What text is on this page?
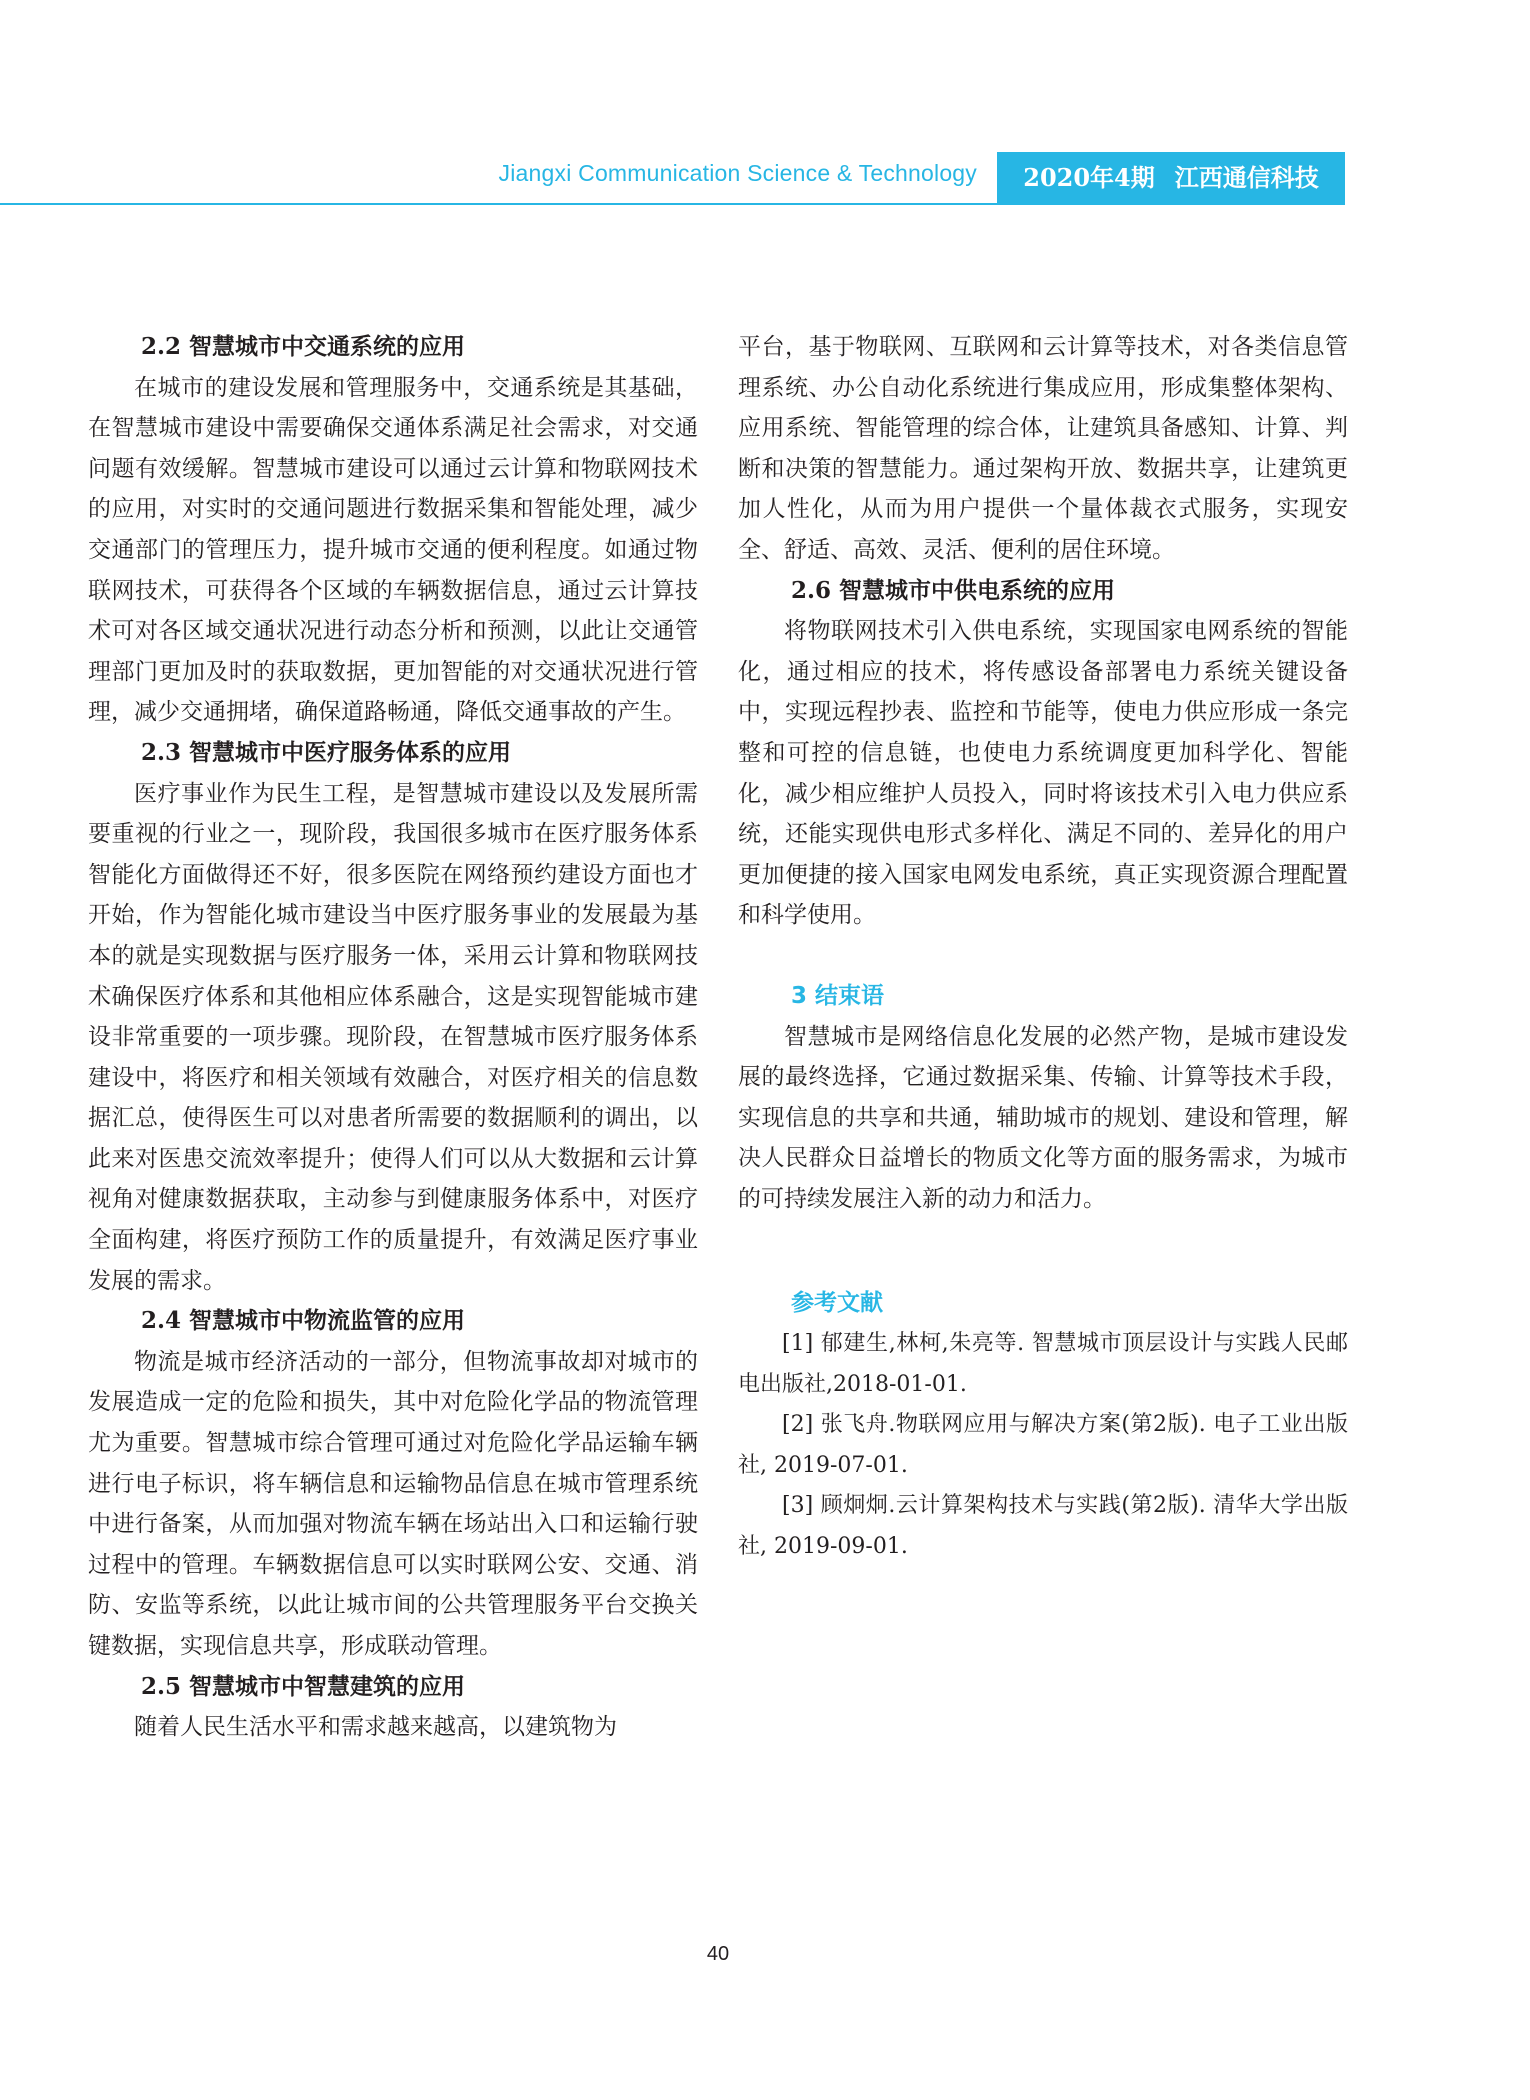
Jiangxi Communication Science & Technology	2020年4期 江西通信科技
2.2 智慧城市中交通系统的应用

在城市的建设发展和管理服务中，交通系统是其基础，在智慧城市建设中需要确保交通体系满足社会需求，对交通问题有效缓解。智慧城市建设可以通过云计算和物联网技术的应用，对实时的交通问题进行数据采集和智能处理，减少交通部门的管理压力，提升城市交通的便利程度。如通过物联网技术，可获得各个区域的车辆数据信息，通过云计算技术可对各区域交通状况进行动态分析和预测，以此让交通管理部门更加及时的获取数据，更加智能的对交通状况进行管理，减少交通拥堵，确保道路畅通，降低交通事故的产生。

2.3 智慧城市中医疗服务体系的应用

医疗事业作为民生工程，是智慧城市建设以及发展所需要重视的行业之一，现阶段，我国很多城市在医疗服务体系智能化方面做得还不好，很多医院在网络预约建设方面也才开始，作为智能化城市建设当中医疗服务事业的发展最为基本的就是实现数据与医疗服务一体，采用云计算和物联网技术确保医疗体系和其他相应体系融合，这是实现智能城市建设非常重要的一项步骤。现阶段，在智慧城市医疗服务体系建设中，将医疗和相关领域有效融合，对医疗相关的信息数据汇总，使得医生可以对患者所需要的数据顺利的调出，以此来对医患交流效率提升；使得人们可以从大数据和云计算视角对健康数据获取，主动参与到健康服务体系中，对医疗全面构建，将医疗预防工作的质量提升，有效满足医疗事业发展的需求。

2.4 智慧城市中物流监管的应用

物流是城市经济活动的一部分，但物流事故却对城市的发展造成一定的危险和损失，其中对危险化学品的物流管理尤为重要。智慧城市综合管理可通过对危险化学品运输车辆进行电子标识，将车辆信息和运输物品信息在城市管理系统中进行备案，从而加强对物流车辆在场站出入口和运输行驶过程中的管理。车辆数据信息可以实时联网公安、交通、消防、安监等系统，以此让城市间的公共管理服务平台交换关键数据，实现信息共享，形成联动管理。

2.5 智慧城市中智慧建筑的应用

随着人民生活水平和需求越来越高，以建筑物为

平台，基于物联网、互联网和云计算等技术，对各类信息管理系统、办公自动化系统进行集成应用，形成集整体架构、应用系统、智能管理的综合体，让建筑具备感知、计算、判断和决策的智慧能力。通过架构开放、数据共享，让建筑更加人性化，从而为用户提供一个量体裁衣式服务，实现安全、舒适、高效、灵活、便利的居住环境。

2.6 智慧城市中供电系统的应用

将物联网技术引入供电系统，实现国家电网系统的智能化，通过相应的技术，将传感设备部署电力系统关键设备中，实现远程抄表、监控和节能等，使电力供应形成一条完整和可控的信息链，也使电力系统调度更加科学化、智能化，减少相应维护人员投入，同时将该技术引入电力供应系统，还能实现供电形式多样化、满足不同的、差异化的用户更加便捷的接入国家电网发电系统，真正实现资源合理配置和科学使用。

3 结束语

智慧城市是网络信息化发展的必然产物，是城市建设发展的最终选择，它通过数据采集、传输、计算等技术手段，实现信息的共享和共通，辅助城市的规划、建设和管理，解决人民群众日益增长的物质文化等方面的服务需求，为城市的可持续发展注入新的动力和活力。

参考文献

[1] 郁建生,林柯,朱亮等. 智慧城市顶层设计与实践人民邮电出版社,2018-01-01.

[2] 张飞舟.物联网应用与解决方案(第2版). 电子工业出版社, 2019-07-01.

[3] 顾炯炯.云计算架构技术与实践(第2版). 清华大学出版社, 2019-09-01.

40
